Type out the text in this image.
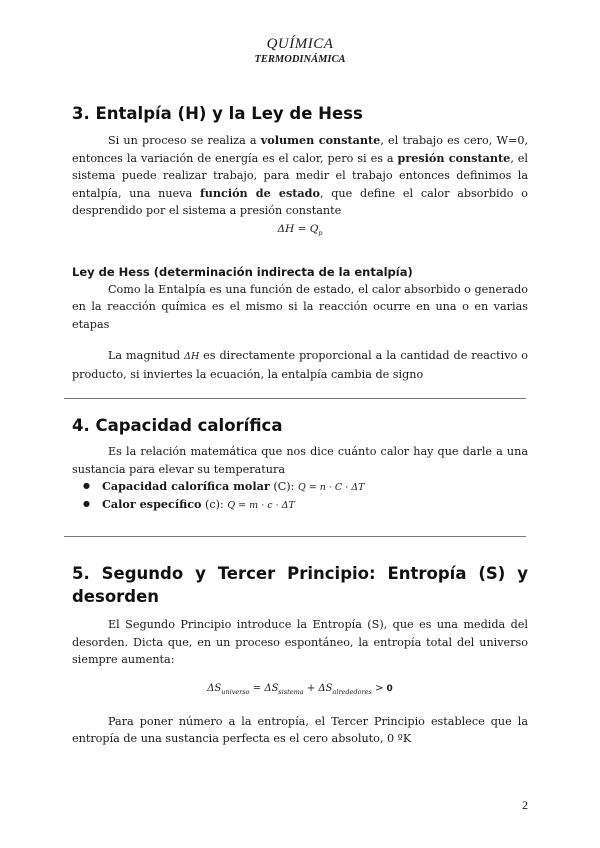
QUÍMICA
TERMODINÁMICA
3. Entalpía (H) y la Ley de Hess

Si un proceso se realiza a volumen constante, el trabajo es cero, W=0, entonces la variación de energía es el calor, pero si es a presión constante, el sistema puede realizar trabajo, para medir el trabajo entonces definimos la entalpía, una nueva función de estado, que define el calor absorbido o desprendido por el sistema a presión constante

$\Delta H = Q_p$
Ley de Hess (determinación indirecta de la entalpía)

Como la Entalpía es una función de estado, el calor absorbido o generado en la reacción química es el mismo si la reacción ocurre en una o en varias etapas

La magnitud ΔH es directamente proporcional a la cantidad de reactivo o producto, si inviertes la ecuación, la entalpía cambia de signo

4. Capacidad calorífica

Es la relación matemática que nos dice cuánto calor hay que darle a una sustancia para elevar su temperatura

● Capacidad calorífica molar (C): Q = n · C · ΔT
● Calor específico (c): Q = m · c · ΔT
5. Segundo y Tercer Principio: Entropía (S) y
desorden

El Segundo Principio introduce la Entropía (S), que es una medida del desorden. Dicta que, en un proceso espontáneo, la entropía total del universo siempre aumenta:

$\Delta S_{universo} = \Delta S_{sistema} + \Delta S_{alrededores} > 0$

Para poner número a la entropía, el Tercer Principio establece que la entropía de una sustancia perfecta es el cero absoluto, 0 ºK

2
